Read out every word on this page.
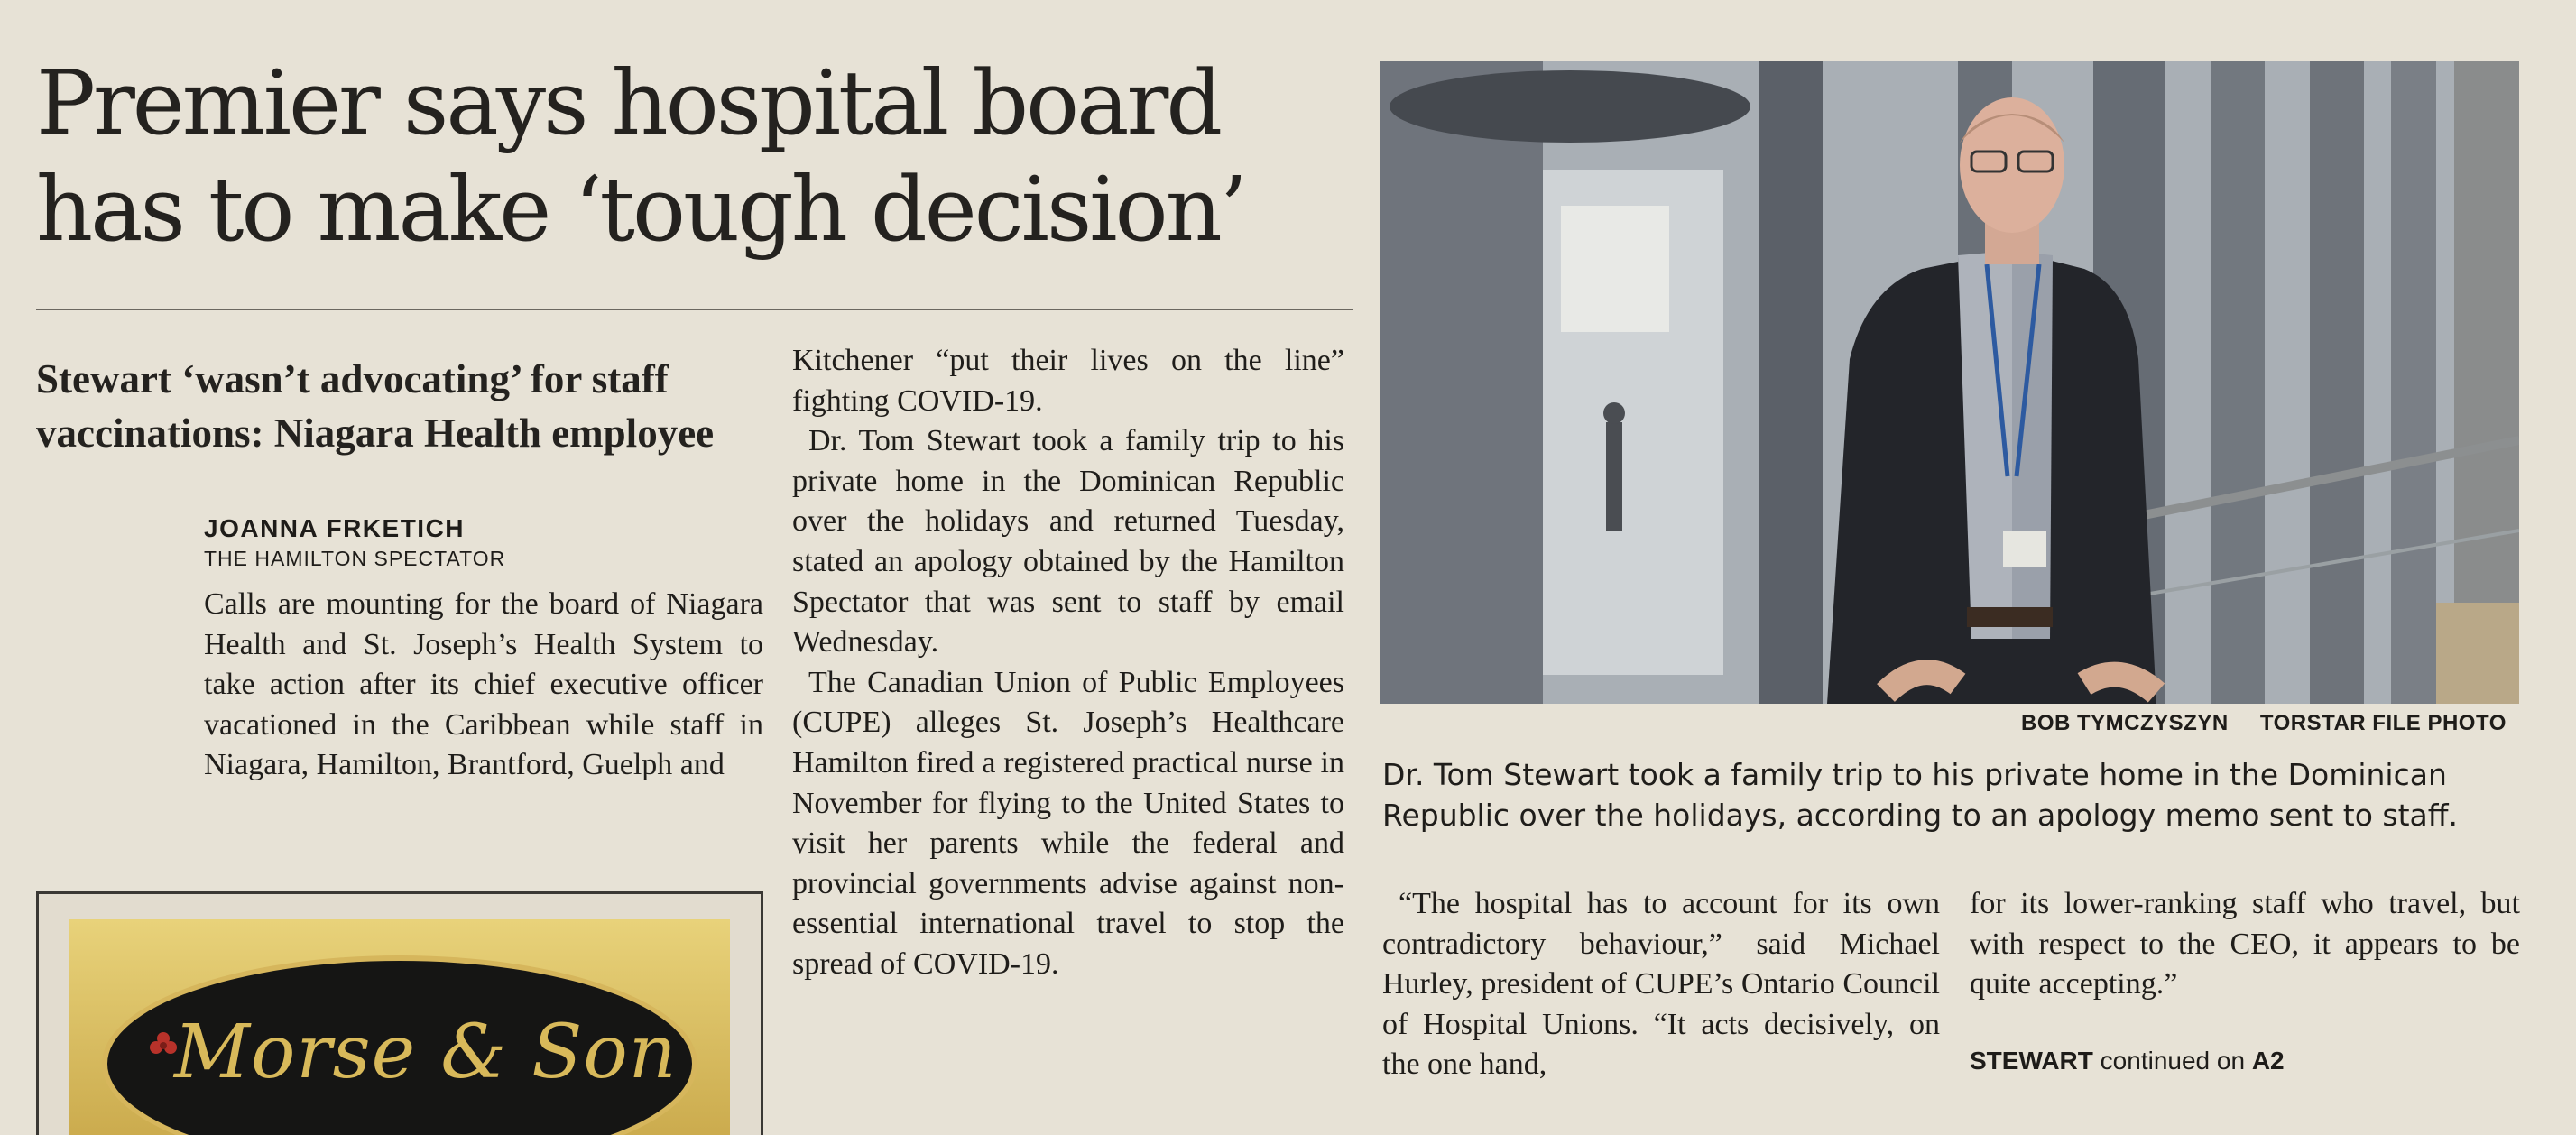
Premier says hospital board has to make ‘tough decision’
Stewart ‘wasn’t advocating’ for staff vaccinations: Niagara Health employee
JOANNA FRKETICH
THE HAMILTON SPECTATOR

Calls are mounting for the board of Niagara Health and St. Joseph’s Health System to take action after its chief executive officer vacationed in the Caribbean while staff in Niagara, Hamilton, Brantford, Guelph and

Kitchener “put their lives on the line” fighting COVID-19.

Dr. Tom Stewart took a family trip to his private home in the Dominican Republic over the holidays and returned Tuesday, stated an apology obtained by the Hamilton Spectator that was sent to staff by email Wednesday.

The Canadian Union of Public Employees (CUPE) alleges St. Joseph’s Healthcare Hamilton fired a registered practical nurse in November for flying to the United States to visit her parents while the federal and provincial governments advise against non-essential international travel to stop the spread of COVID-19.

BOB TYMCZYSZYN TORSTAR FILE PHOTO

Dr. Tom Stewart took a family trip to his private home in the Dominican Republic over the holidays, according to an apology memo sent to staff.

“The hospital has to account for its own contradictory behaviour,” said Michael Hurley, president of CUPE’s Ontario Council of Hospital Unions. “It acts decisively, on the one hand,

for its lower-ranking staff who travel, but with respect to the CEO, it appears to be quite accepting.”

STEWART continued on A2
Morse & Son
